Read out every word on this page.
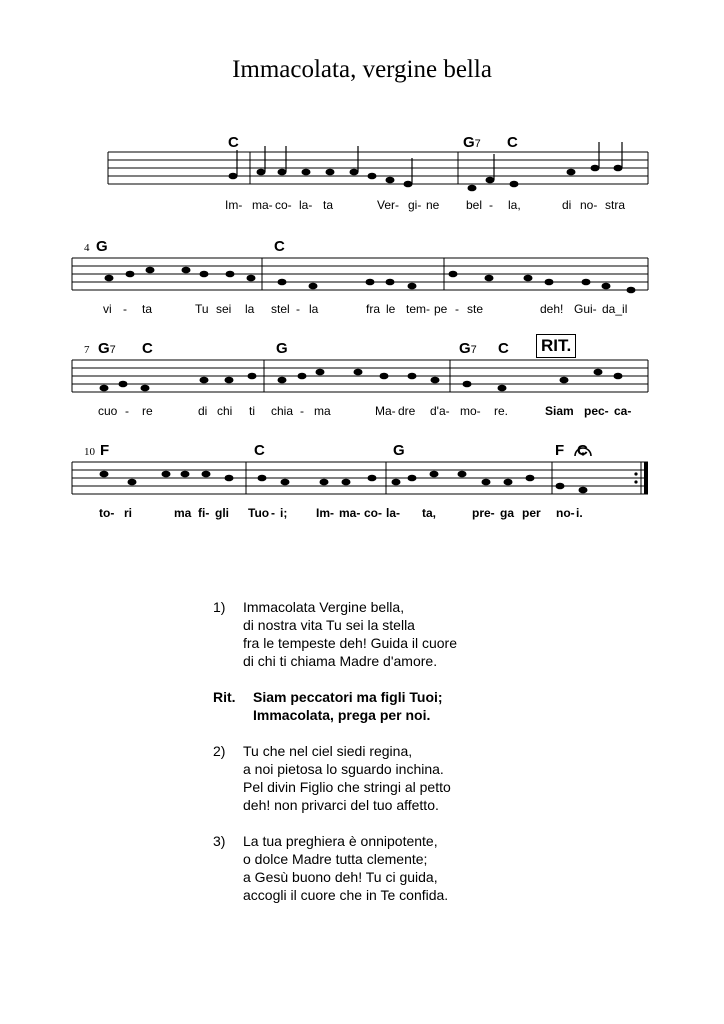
Immacolata, vergine bella
C	G7 C
Im- ma- co- la- ta	Ver- gi- ne bel - la,	di no- stra
4 G	C
vi - ta	Tu sei la stel - la	fra le tem- pe - ste	deh! Gui- da_il
7 G7 C	G	G7 C RIT.
cuo - re	di chi ti chia - ma	Ma- dre d'a- mo- re.	Siam pec- ca-
10 F	C	G	F C
to- ri	ma fi- gli Tuo - i; Im- ma- co- la- ta,	pre- ga per no- i.
1)	Immacolata Vergine bella,
di nostra vita Tu sei la stella
fra le tempeste deh! Guida il cuore
di chi ti chiama Madre d'amore.
Rit.	Siam peccatori ma figli Tuoi;
Immacolata, prega per noi.
2)	Tu che nel ciel siedi regina,
a noi pietosa lo sguardo inchina.
Pel divin Figlio che stringi al petto
deh! non privarci del tuo affetto.
3)	La tua preghiera è onnipotente,
o dolce Madre tutta clemente;
a Gesù buono deh! Tu ci guida,
accogli il cuore che in Te confida.
